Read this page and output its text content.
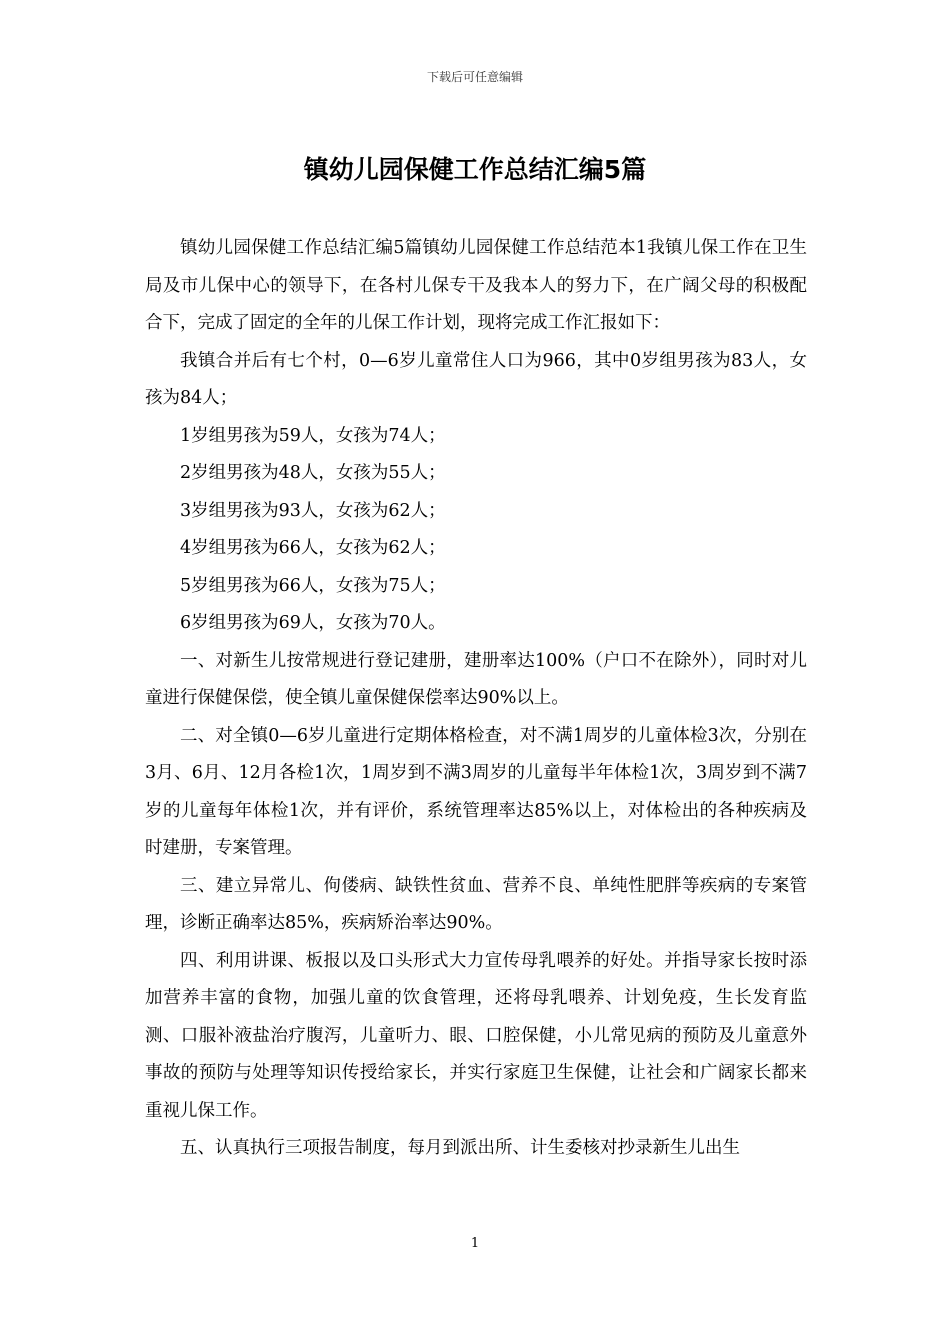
下载后可任意编辑
镇幼儿园保健工作总结汇编5篇

镇幼儿园保健工作总结汇编5篇镇幼儿园保健工作总结范本1我镇儿保工作在卫生局及市儿保中心的领导下，在各村儿保专干及我本人的努力下，在广阔父母的积极配合下，完成了固定的全年的儿保工作计划，现将完成工作汇报如下：

我镇合并后有七个村，0—6岁儿童常住人口为966，其中0岁组男孩为83人，女孩为84人；

1岁组男孩为59人，女孩为74人；

2岁组男孩为48人，女孩为55人；

3岁组男孩为93人，女孩为62人；

4岁组男孩为66人，女孩为62人；

5岁组男孩为66人，女孩为75人；

6岁组男孩为69人，女孩为70人。

一、对新生儿按常规进行登记建册，建册率达100%（户口不在除外），同时对儿童进行保健保偿，使全镇儿童保健保偿率达90%以上。

二、对全镇0—6岁儿童进行定期体格检查，对不满1周岁的儿童体检3次，分别在3月、6月、12月各检1次，1周岁到不满3周岁的儿童每半年体检1次，3周岁到不满7岁的儿童每年体检1次，并有评价，系统管理率达85%以上，对体检出的各种疾病及时建册，专案管理。

三、建立异常儿、佝偻病、缺铁性贫血、营养不良、单纯性肥胖等疾病的专案管理，诊断正确率达85%，疾病矫治率达90%。

四、利用讲课、板报以及口头形式大力宣传母乳喂养的好处。并指导家长按时添加营养丰富的食物，加强儿童的饮食管理，还将母乳喂养、计划免疫，生长发育监测、口服补液盐治疗腹泻，儿童听力、眼、口腔保健，小儿常见病的预防及儿童意外事故的预防与处理等知识传授给家长，并实行家庭卫生保健，让社会和广阔家长都来重视儿保工作。

五、认真执行三项报告制度，每月到派出所、计生委核对抄录新生儿出生

1
